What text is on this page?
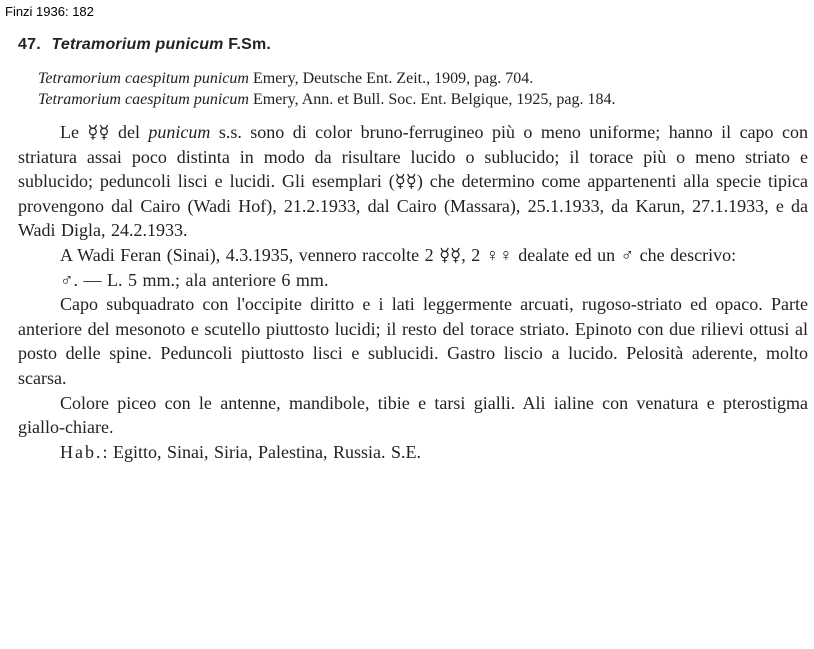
Finzi 1936: 182
47. Tetramorium punicum F.Sm.

Tetramorium caespitum punicum Emery, Deutsche Ent. Zeit., 1909, pag. 704.

Tetramorium caespitum punicum Emery, Ann. et Bull. Soc. Ent. Belgique, 1925, pag. 184.

Le ☿☿ del punicum s.s. sono di color bruno-ferrugineo più o meno uniforme; hanno il capo con striatura assai poco distinta in modo da risultare lucido o sublucido; il torace più o meno striato e sublucido; peduncoli lisci e lucidi. Gli esemplari (☿☿) che determino come appartenenti alla specie tipica provengono dal Cairo (Wadi Hof), 21.2.1933, dal Cairo (Massara), 25.1.1933, da Karun, 27.1.1933, e da Wadi Digla, 24.2.1933.

A Wadi Feran (Sinai), 4.3.1935, vennero raccolte 2 ☿☿, 2 ♀♀ dealate ed un ♂ che descrivo:

♂. — L. 5 mm.; ala anteriore 6 mm.

Capo subquadrato con l'occipite diritto e i lati leggermente arcuati, rugoso-striato ed opaco. Parte anteriore del mesonoto e scutello piuttosto lucidi; il resto del torace striato. Epinoto con due rilievi ottusi al posto delle spine. Peduncoli piuttosto lisci e sublucidi. Gastro liscio a lucido. Pelosità aderente, molto scarsa.

Colore piceo con le antenne, mandibole, tibie e tarsi gialli. Ali ialine con venatura e pterostigma giallo-chiare.

Hab.: Egitto, Sinai, Siria, Palestina, Russia. S.E.
